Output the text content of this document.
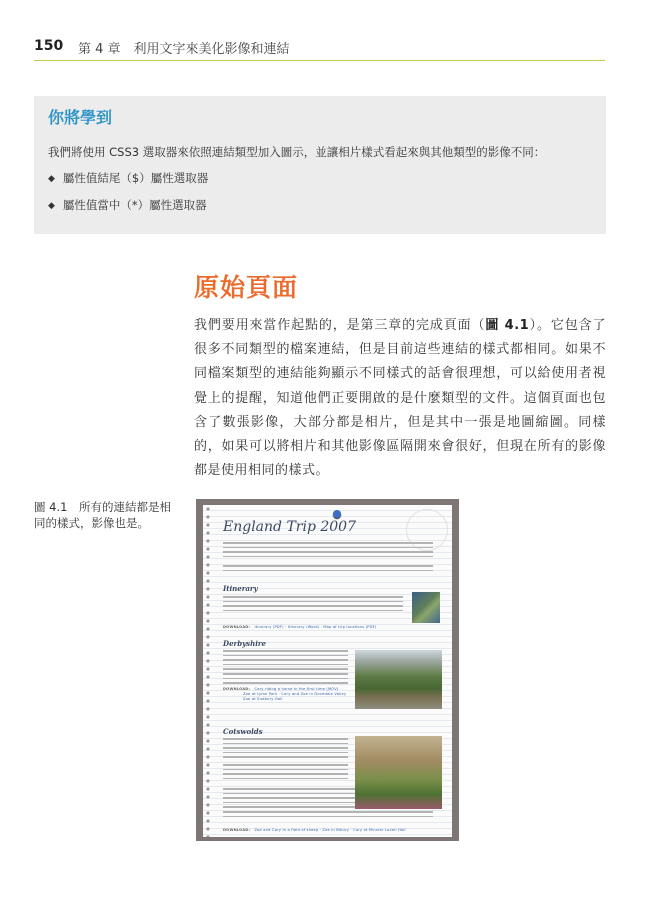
150 第 4 章　利用文字來美化影像和連結
你將學到
我們將使用 CSS3 選取器來依照連結類型加入圖示，並讓相片樣式看起來與其他類型的影像不同：
◆ 屬性值結尾（$）屬性選取器
◆ 屬性值當中（*）屬性選取器
原始頁面
我們要用來當作起點的，是第三章的完成頁面（圖 4.1）。它包含了很多不同類型的檔案連結，但是目前這些連結的樣式都相同。如果不同檔案類型的連結能夠顯示不同樣式的話會很理想，可以給使用者視覺上的提醒，知道他們正要開啟的是什麼類型的文件。這個頁面也包含了數張影像，大部分都是相片，但是其中一張是地圖縮圖。同樣的，如果可以將相片和其他影像區隔開來會很好，但現在所有的影像都是使用相同的樣式。
圖 4.1　所有的連結都是相同的樣式，影像也是。	England Trip 2007
Itinerary
DOWNLOAD: Itinerary (PDF) · Itinerary (Word) · Map of trip locations (PDF)
Derbyshire
DOWNLOAD: Cary riding a horse in the first time (MOV)
Zoe at Lyme Park · Cary and Zoe in Dovedale Valley
Zoe at Sudbury Hall
Cotswolds
DOWNLOAD: Zoe and Cary in a field of sheep · Zoe in Bibury · Cary at Minster Lovell Hall
